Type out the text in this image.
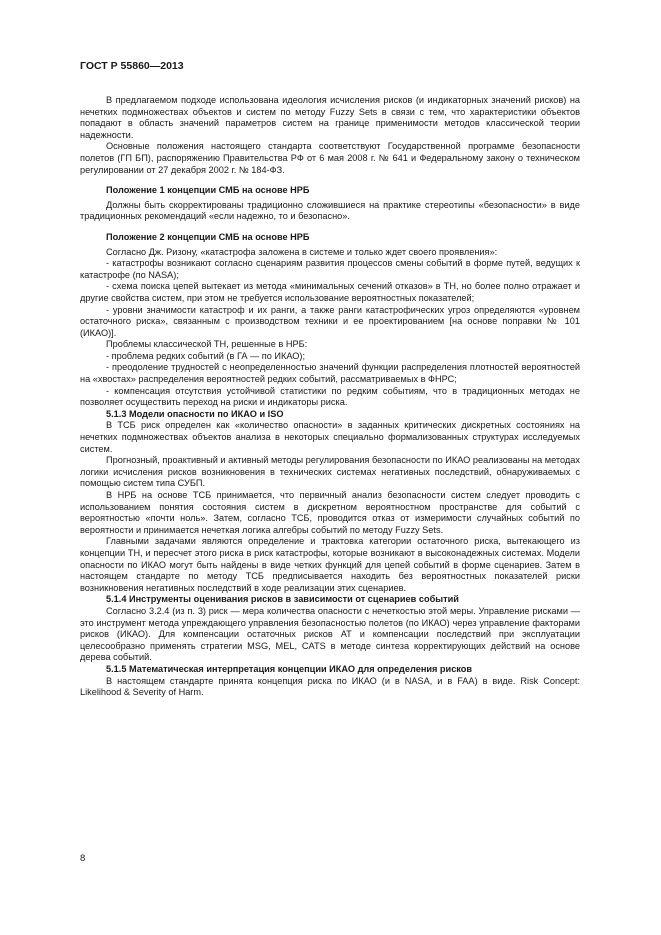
ГОСТ Р 55860—2013

В предлагаемом подходе использована идеология исчисления рисков (и индикаторных значений рисков) на нечетких подмножествах объектов и систем по методу Fuzzy Sets в связи с тем, что характеристики объектов попадают в область значений параметров систем на границе применимости методов классической теории надежности.

Основные положения настоящего стандарта соответствуют Государственной программе безопасности полетов (ГП БП), распоряжению Правительства РФ от 6 мая 2008 г. № 641 и Федеральному закону о техническом регулировании от 27 декабря 2002 г. № 184-ФЗ.

Положение 1 концепции СМБ на основе НРБ

Должны быть скорректированы традиционно сложившиеся на практике стереотипы «безопасности» в виде традиционных рекомендаций «если надежно, то и безопасно».

Положение 2 концепции СМБ на основе НРБ

Согласно Дж. Ризону, «катастрофа заложена в системе и только ждет своего проявления»:

- катастрофы возникают согласно сценариям развития процессов смены событий в форме путей, ведущих к катастрофе (по NASA);

- схема поиска цепей вытекает из метода «минимальных сечений отказов» в ТН, но более полно отражает и другие свойства систем, при этом не требуется использование вероятностных показателей;

- уровни значимости катастроф и их ранги, а также ранги катастрофических угроз определяются «уровнем остаточного риска», связанным с производством техники и ее проектированием [на основе поправки № 101 (ИКАО)].

Проблемы классической ТН, решенные в НРБ:

- проблема редких событий (в ГА — по ИКАО);

- преодоление трудностей с неопределенностью значений функции распределения плотностей вероятностей на «хвостах» распределения вероятностей редких событий, рассматриваемых в ФНРС;

- компенсация отсутствия устойчивой статистики по редким событиям, что в традиционных методах не позволяет осуществить переход на риски и индикаторы риска.

5.1.3 Модели опасности по ИКАО и ISO

В ТСБ риск определен как «количество опасности» в заданных критических дискретных состояниях на нечетких подмножествах объектов анализа в некоторых специально формализованных структурах исследуемых систем.

Прогнозный, проактивный и активный методы регулирования безопасности по ИКАО реализованы на методах логики исчисления рисков возникновения в технических системах негативных последствий, обнаруживаемых с помощью систем типа СУБП.

В НРБ на основе ТСБ принимается, что первичный анализ безопасности систем следует проводить с использованием понятия состояния систем в дискретном вероятностном пространстве для событий с вероятностью «почти ноль». Затем, согласно ТСБ, проводится отказ от измеримости случайных событий по вероятности и принимается нечеткая логика алгебры событий по методу Fuzzy Sets.

Главными задачами являются определение и трактовка категории остаточного риска, вытекающего из концепции ТН, и пересчет этого риска в риск катастрофы, которые возникают в высоконадежных системах. Модели опасности по ИКАО могут быть найдены в виде четких функций для цепей событий в форме сценариев. Затем в настоящем стандарте по методу ТСБ предписывается находить без вероятностных показателей риски возникновения негативных последствий в ходе реализации этих сценариев.

5.1.4 Инструменты оценивания рисков в зависимости от сценариев событий

Согласно 3.2.4 (из п. 3) риск — мера количества опасности с нечеткостью этой меры. Управление рисками — это инструмент метода упреждающего управления безопасностью полетов (по ИКАО) через управление факторами рисков (ИКАО). Для компенсации остаточных рисков АТ и компенсации последствий при эксплуатации целесообразно применять стратегии MSG, MEL, CATS в методе синтеза корректирующих действий на основе дерева событий.

5.1.5 Математическая интерпретация концепции ИКАО для определения рисков

В настоящем стандарте принята концепция риска по ИКАО (и в NASA, и в FAA) в виде. Risk Concept: Likelihood & Severity of Harm.

8
